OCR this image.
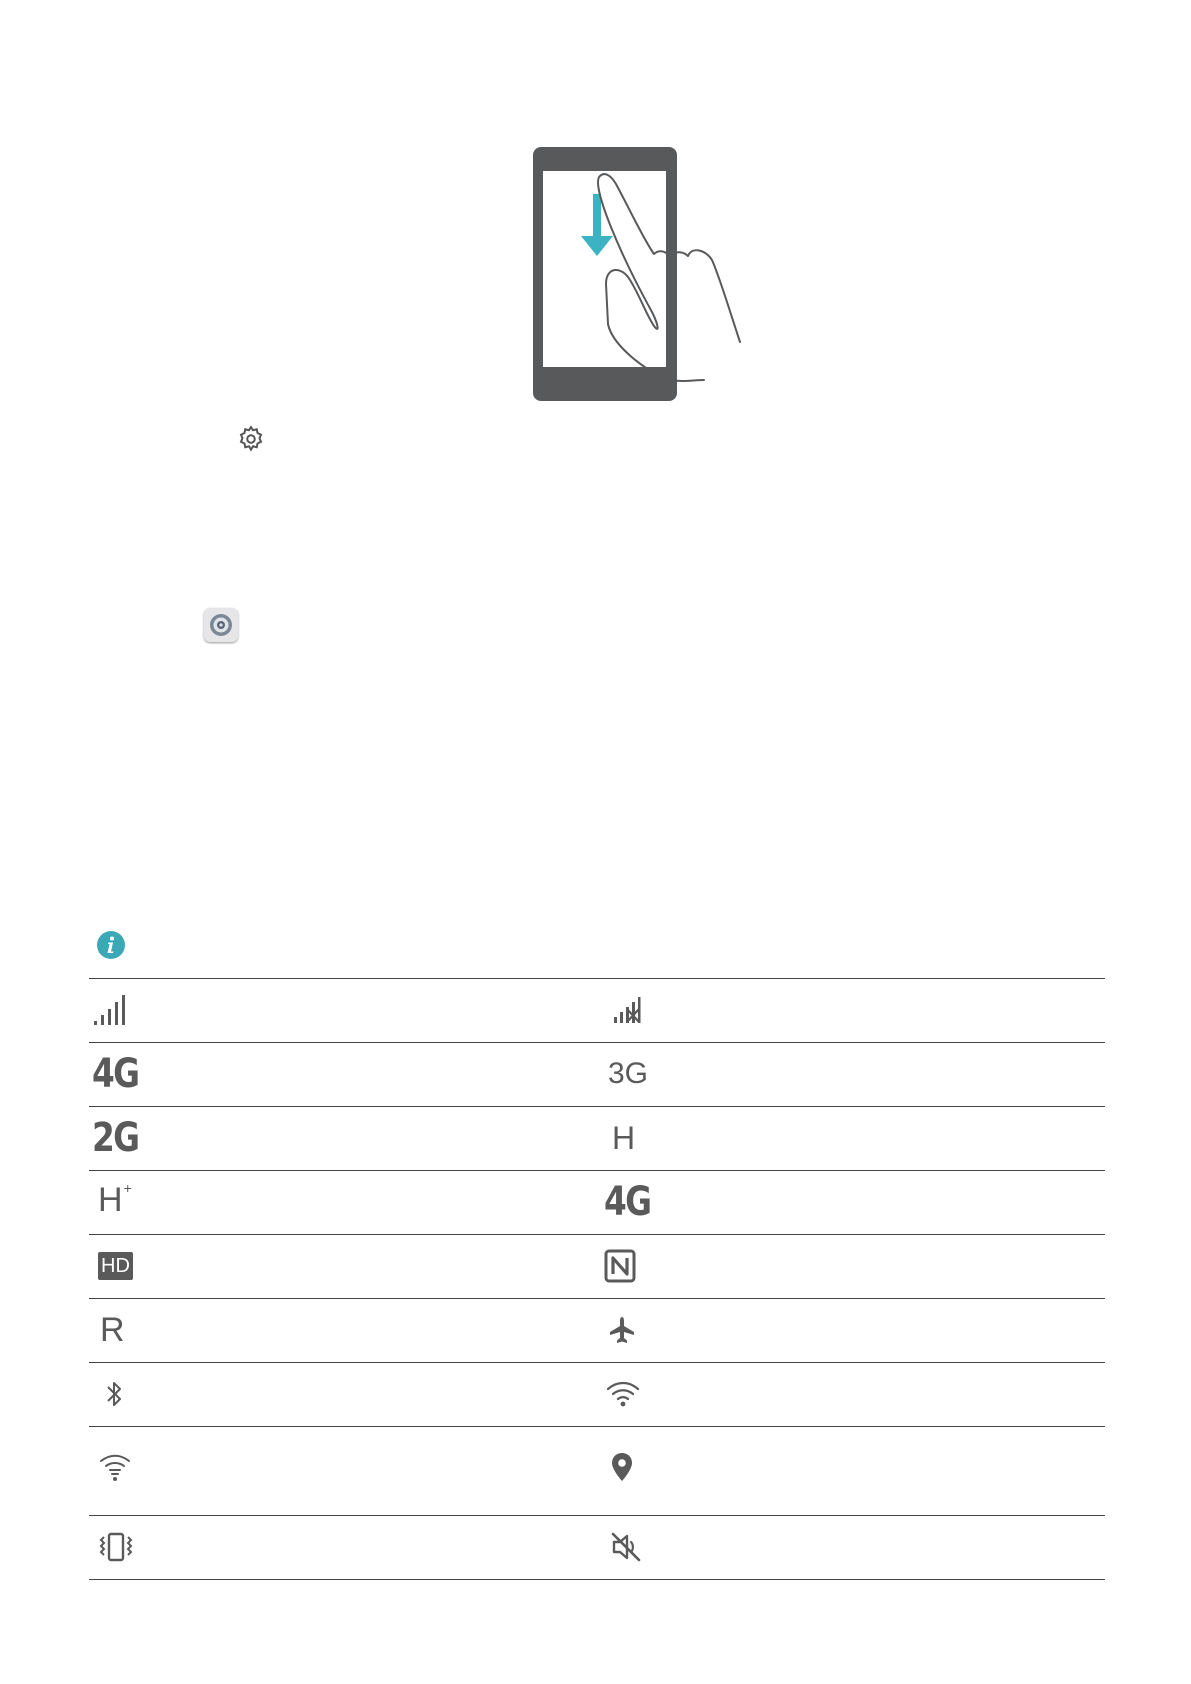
4G	3G
2G	H
H+	4G
HD
R
